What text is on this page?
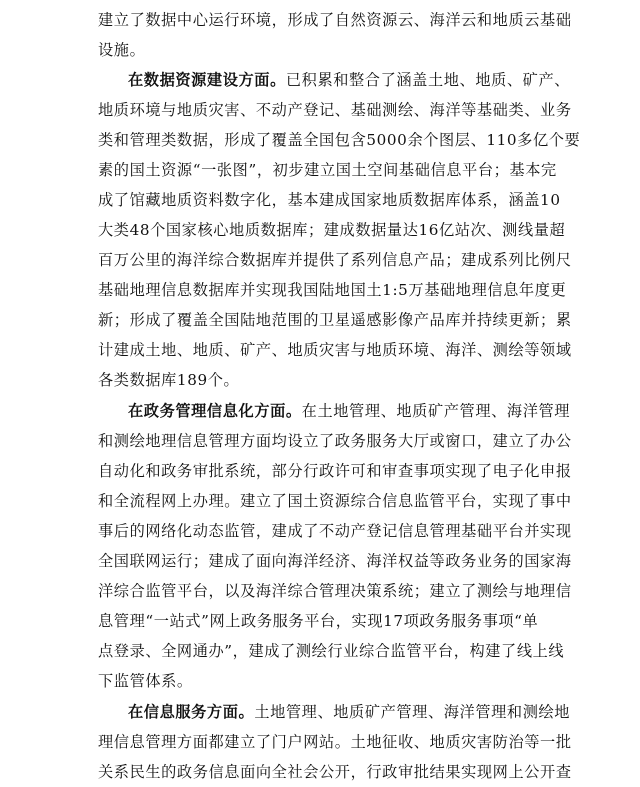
建立了数据中心运行环境，形成了自然资源云、海洋云和地质云基础
设施。
在数据资源建设方面。已积累和整合了涵盖土地、地质、矿产、
地质环境与地质灾害、不动产登记、基础测绘、海洋等基础类、业务
类和管理类数据，形成了覆盖全国包含5000余个图层、110多亿个要
素的国土资源“一张图”，初步建立国土空间基础信息平台；基本完
成了馆藏地质资料数字化，基本建成国家地质数据库体系，涵盖10
大类48个国家核心地质数据库；建成数据量达16亿站次、测线量超
百万公里的海洋综合数据库并提供了系列信息产品；建成系列比例尺
基础地理信息数据库并实现我国陆地国土1:5万基础地理信息年度更
新；形成了覆盖全国陆地范围的卫星遥感影像产品库并持续更新；累
计建成土地、地质、矿产、地质灾害与地质环境、海洋、测绘等领域
各类数据库189个。
在政务管理信息化方面。在土地管理、地质矿产管理、海洋管理
和测绘地理信息管理方面均设立了政务服务大厅或窗口，建立了办公
自动化和政务审批系统，部分行政许可和审查事项实现了电子化申报
和全流程网上办理。建立了国土资源综合信息监管平台，实现了事中
事后的网络化动态监管，建成了不动产登记信息管理基础平台并实现
全国联网运行；建成了面向海洋经济、海洋权益等政务业务的国家海
洋综合监管平台，以及海洋综合管理决策系统；建立了测绘与地理信
息管理“一站式”网上政务服务平台，实现17项政务服务事项“单
点登录、全网通办”，建成了测绘行业综合监管平台，构建了线上线
下监管体系。
在信息服务方面。土地管理、地质矿产管理、海洋管理和测绘地
理信息管理方面都建立了门户网站。土地征收、地质灾害防治等一批
关系民生的政务信息面向全社会公开，行政审批结果实现网上公开查
